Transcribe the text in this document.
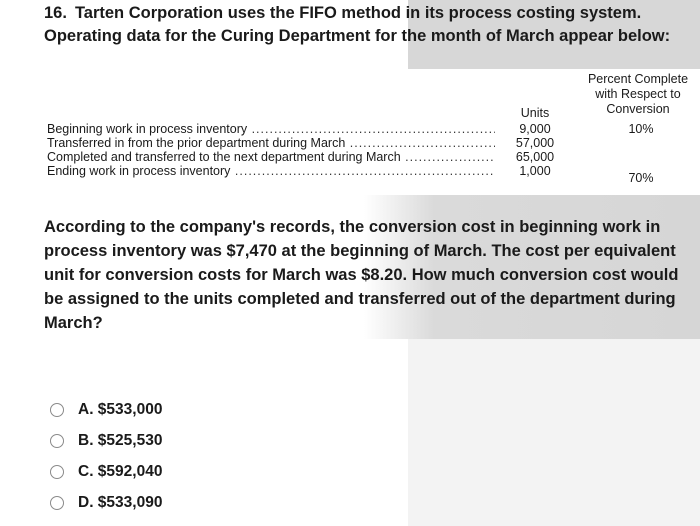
16. Tarten Corporation uses the FIFO method in its process costing system. Operating data for the Curing Department for the month of March appear below:

Percent Complete
with Respect to
Conversion
Units
Beginning work in process inventory .....	9,000	10%
Transferred in from the prior department during March .....	57,000
Completed and transferred to the next department during March .....	65,000
Ending work in process inventory .....	1,000	70%

According to the company's records, the conversion cost in beginning work in process inventory was $7,470 at the beginning of March. The cost per equivalent unit for conversion costs for March was $8.20. How much conversion cost would be assigned to the units completed and transferred out of the department during March?

A. $533,000
B. $525,530
C. $592,040
D. $533,090
